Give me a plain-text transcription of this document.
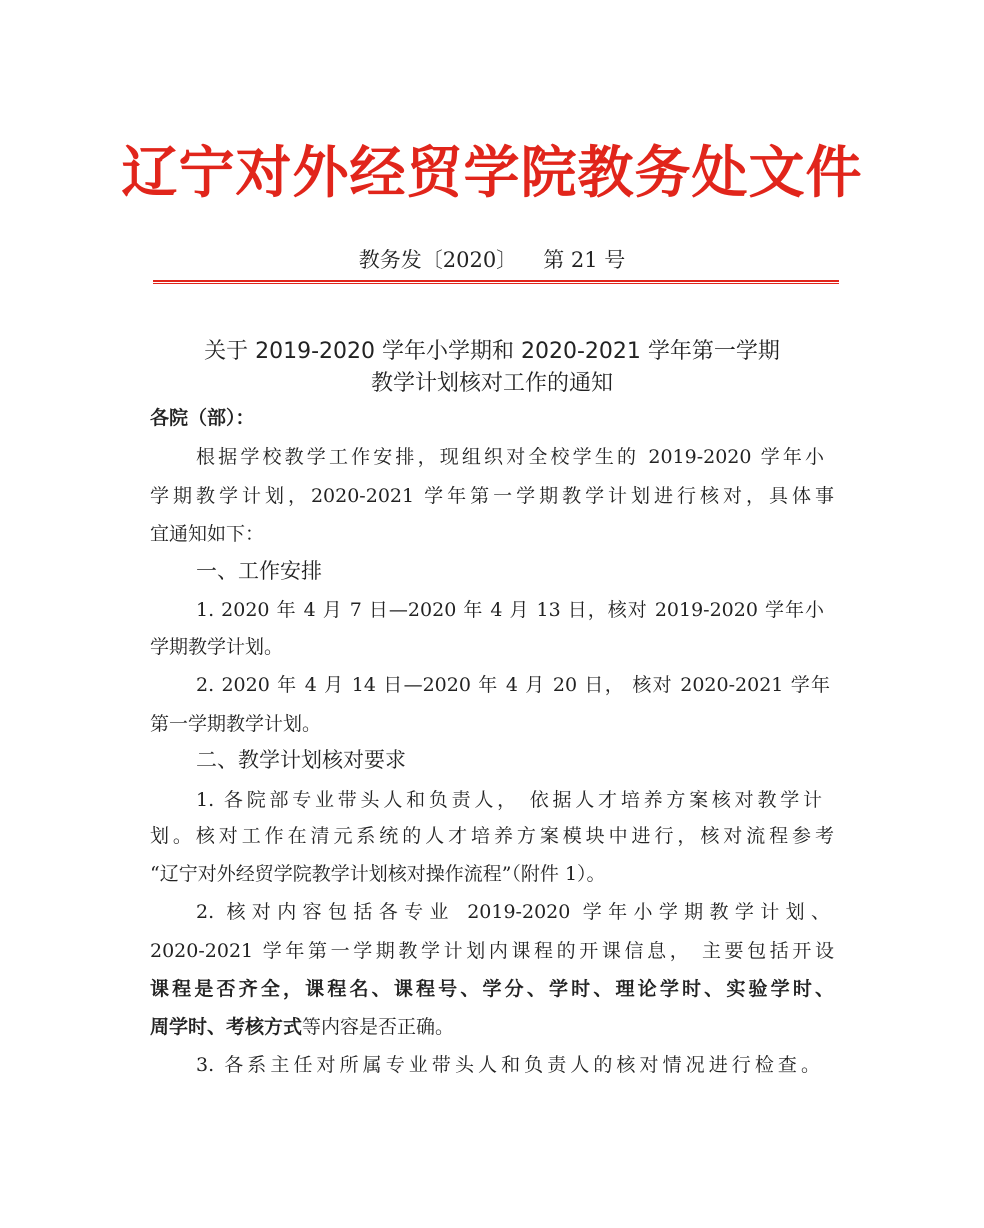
辽宁对外经贸学院教务处文件
教务发〔2020〕 第 21 号
关于 2019-2020 学年小学期和 2020-2021 学年第一学期
教学计划核对工作的通知
各院（部）：
根据学校教学工作安排，现组织对全校学生的 2019-2020 学年小
学期教学计划，2020-2021 学年第一学期教学计划进行核对，具体事
宜通知如下：
一、工作安排
1. 2020 年 4 月 7 日—2020 年 4 月 13 日，核对 2019-2020 学年小
学期教学计划。
2. 2020 年 4 月 14 日—2020 年 4 月 20 日， 核对 2020-2021 学年
第一学期教学计划。
二、教学计划核对要求
1. 各院部专业带头人和负责人， 依据人才培养方案核对教学计
划。核对工作在清元系统的人才培养方案模块中进行，核对流程参考
“辽宁对外经贸学院教学计划核对操作流程”（附件 1）。
2. 核对内容包括各专业 2019-2020 学年小学期教学计划、
2020-2021 学年第一学期教学计划内课程的开课信息， 主要包括开设
课程是否齐全，课程名、课程号、学分、学时、理论学时、实验学时、
周学时、考核方式等内容是否正确。
3. 各系主任对所属专业带头人和负责人的核对情况进行检查。
